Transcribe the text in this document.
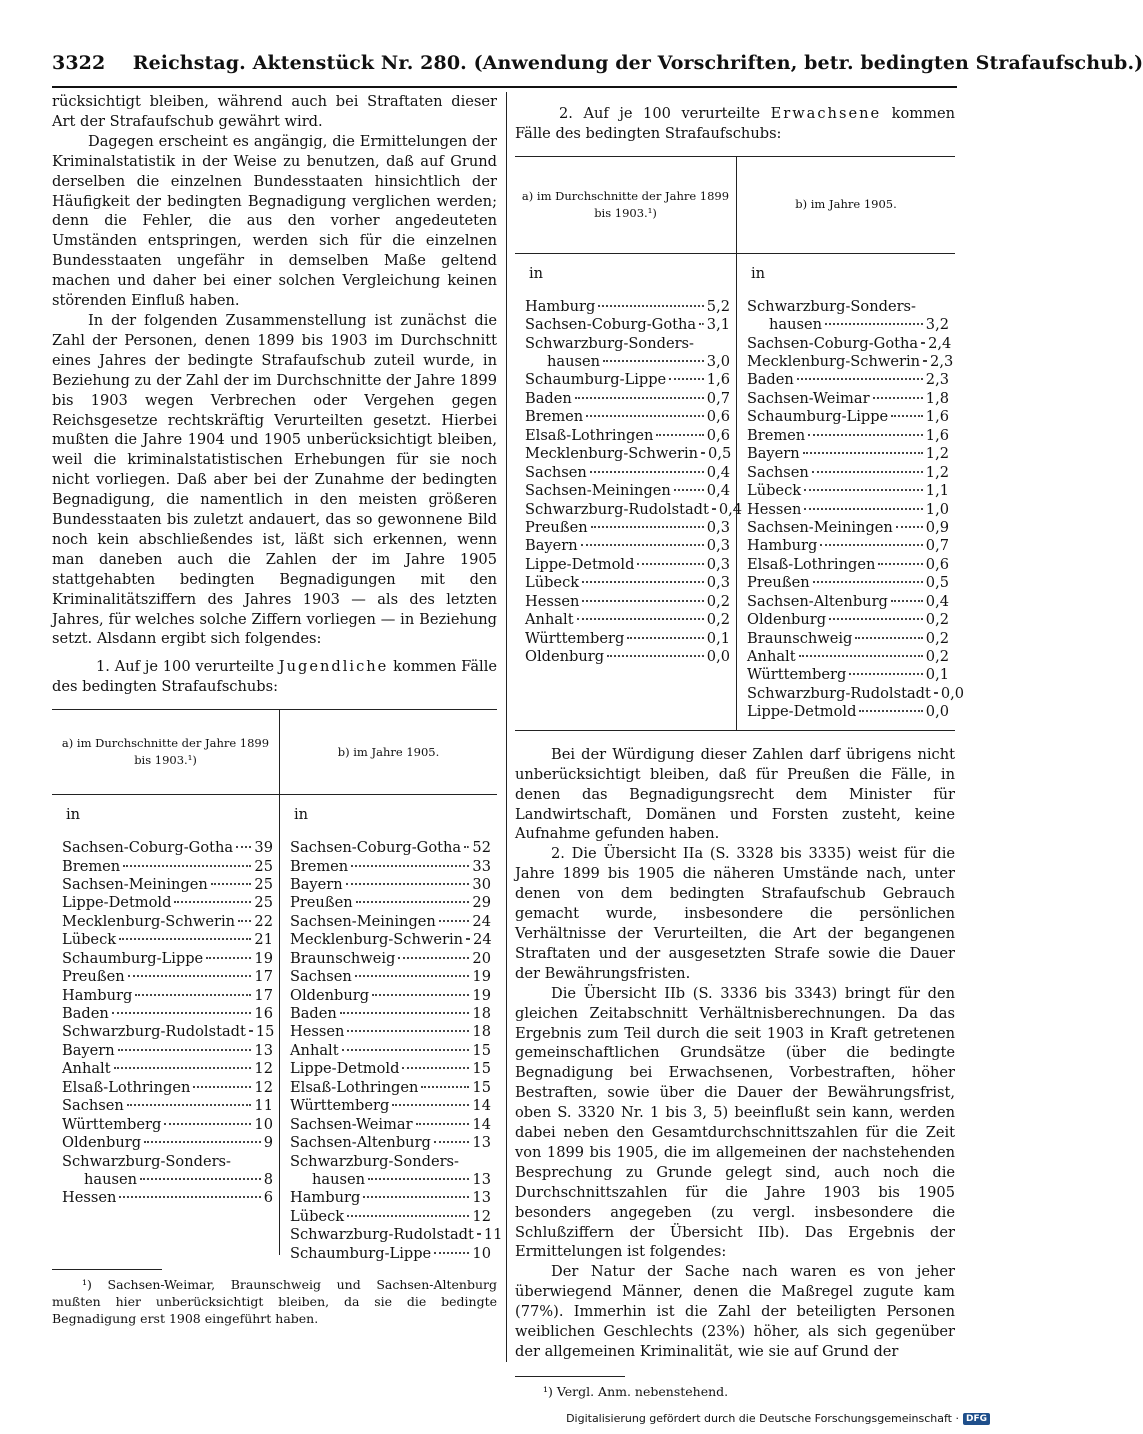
3322 Reichstag. Aktenstück Nr. 280. (Anwendung der Vorschriften, betr. bedingten Strafaufschub.)

rücksichtigt bleiben, während auch bei Straftaten dieser Art der Strafaufschub gewährt wird.

Dagegen erscheint es angängig, die Ermittelungen der Kriminalstatistik in der Weise zu benutzen, daß auf Grund derselben die einzelnen Bundesstaaten hinsichtlich der Häufigkeit der bedingten Begnadigung verglichen werden; denn die Fehler, die aus den vorher angedeuteten Umständen entspringen, werden sich für die einzelnen Bundesstaaten ungefähr in demselben Maße geltend machen und daher bei einer solchen Vergleichung keinen störenden Einfluß haben.

In der folgenden Zusammenstellung ist zunächst die Zahl der Personen, denen 1899 bis 1903 im Durchschnitt eines Jahres der bedingte Strafaufschub zuteil wurde, in Beziehung zu der Zahl der im Durchschnitte der Jahre 1899 bis 1903 wegen Verbrechen oder Vergehen gegen Reichsgesetze rechtskräftig Verurteilten gesetzt. Hierbei mußten die Jahre 1904 und 1905 unberücksichtigt bleiben, weil die kriminalstatistischen Erhebungen für sie noch nicht vorliegen. Daß aber bei der Zunahme der bedingten Begnadigung, die namentlich in den meisten größeren Bundesstaaten bis zuletzt andauert, das so gewonnene Bild noch kein abschließendes ist, läßt sich erkennen, wenn man daneben auch die Zahlen der im Jahre 1905 stattgehabten bedingten Begnadigungen mit den Kriminalitätsziffern des Jahres 1903 — als des letzten Jahres, für welches solche Ziffern vorliegen — in Beziehung setzt. Alsdann ergibt sich folgendes:

1. Auf je 100 verurteilte Jugendliche kommen Fälle des bedingten Strafaufschubs:

a) im Durchschnitte der Jahre 1899 bis 1903.¹)
b) im Jahre 1905.
in
Sachsen-Coburg-Gotha 39
Bremen	25
Sachsen-Meiningen	25
Lippe-Detmold	25
Mecklenburg-Schwerin 22
Lübeck	21
Schaumburg-Lippe	19
Preußen	17
Hamburg	17
Baden	16
Schwarzburg-Rudolstadt 15
Bayern	13
Anhalt	12
Elsaß-Lothringen	12
Sachsen	11
Württemberg	10
Oldenburg	9
Schwarzburg-Sonders-
hausen	8
Hessen	6
in
Sachsen-Coburg-Gotha 52
Bremen	33
Bayern	30
Preußen	29
Sachsen-Meiningen	24
Mecklenburg-Schwerin 24
Braunschweig	20
Sachsen	19
Oldenburg	19
Baden	18
Hessen	18
Anhalt	15
Lippe-Detmold	15
Elsaß-Lothringen	15
Württemberg	14
Sachsen-Weimar	14
Sachsen-Altenburg	13
Schwarzburg-Sonders-
hausen	13
Hamburg	13
Lübeck	12
Schwarzburg-Rudolstadt 11
Schaumburg-Lippe	10

¹) Sachsen-Weimar, Braunschweig und Sachsen-Altenburg mußten hier unberücksichtigt bleiben, da sie die bedingte Begnadigung erst 1908 eingeführt haben.

2. Auf je 100 verurteilte Erwachsene kommen Fälle des bedingten Strafaufschubs:

a) im Durchschnitte der Jahre 1899 bis 1903.¹)
b) im Jahre 1905.
in
Hamburg	5,2
Sachsen-Coburg-Gotha 3,1
Schwarzburg-Sonders-
hausen	3,0
Schaumburg-Lippe	1,6
Baden	0,7
Bremen	0,6
Elsaß-Lothringen	0,6
Mecklenburg-Schwerin 0,5
Sachsen	0,4
Sachsen-Meiningen 0,4
Schwarzburg-Rudolstadt 0,4
Preußen	0,3
Bayern	0,3
Lippe-Detmold	0,3
Lübeck	0,3
Hessen	0,2
Anhalt	0,2
Württemberg	0,1
Oldenburg	0,0
in
Schwarzburg-Sonders-
hausen	3,2
Sachsen-Coburg-Gotha 2,4
Mecklenburg-Schwerin 2,3
Baden	2,3
Sachsen-Weimar	1,8
Schaumburg-Lippe	1,6
Bremen	1,6
Bayern	1,2
Sachsen	1,2
Lübeck	1,1
Hessen	1,0
Sachsen-Meiningen 0,9
Hamburg	0,7
Elsaß-Lothringen	0,6
Preußen	0,5
Sachsen-Altenburg	0,4
Oldenburg	0,2
Braunschweig	0,2
Anhalt	0,2
Württemberg	0,1
Schwarzburg-Rudolstadt 0,0
Lippe-Detmold	0,0

Bei der Würdigung dieser Zahlen darf übrigens nicht unberücksichtigt bleiben, daß für Preußen die Fälle, in denen das Begnadigungsrecht dem Minister für Landwirtschaft, Domänen und Forsten zusteht, keine Aufnahme gefunden haben.

2. Die Übersicht IIa (S. 3328 bis 3335) weist für die Jahre 1899 bis 1905 die näheren Umstände nach, unter denen von dem bedingten Strafaufschub Gebrauch gemacht wurde, insbesondere die persönlichen Verhältnisse der Verurteilten, die Art der begangenen Straftaten und der ausgesetzten Strafe sowie die Dauer der Bewährungsfristen.

Die Übersicht IIb (S. 3336 bis 3343) bringt für den gleichen Zeitabschnitt Verhältnisberechnungen. Da das Ergebnis zum Teil durch die seit 1903 in Kraft getretenen gemeinschaftlichen Grundsätze (über die bedingte Begnadigung bei Erwachsenen, Vorbestraften, höher Bestraften, sowie über die Dauer der Bewährungsfrist, oben S. 3320 Nr. 1 bis 3, 5) beeinflußt sein kann, werden dabei neben den Gesamtdurchschnittszahlen für die Zeit von 1899 bis 1905, die im allgemeinen der nachstehenden Besprechung zu Grunde gelegt sind, auch noch die Durchschnittszahlen für die Jahre 1903 bis 1905 besonders angegeben (zu vergl. insbesondere die Schlußziffern der Übersicht IIb). Das Ergebnis der Ermittelungen ist folgendes:

Der Natur der Sache nach waren es von jeher überwiegend Männer, denen die Maßregel zugute kam (77%). Immerhin ist die Zahl der beteiligten Personen weiblichen Geschlechts (23%) höher, als sich gegenüber der allgemeinen Kriminalität, wie sie auf Grund der

¹) Vergl. Anm. nebenstehend.

Digitalisierung gefördert durch die Deutsche Forschungsgemeinschaft · DFG
